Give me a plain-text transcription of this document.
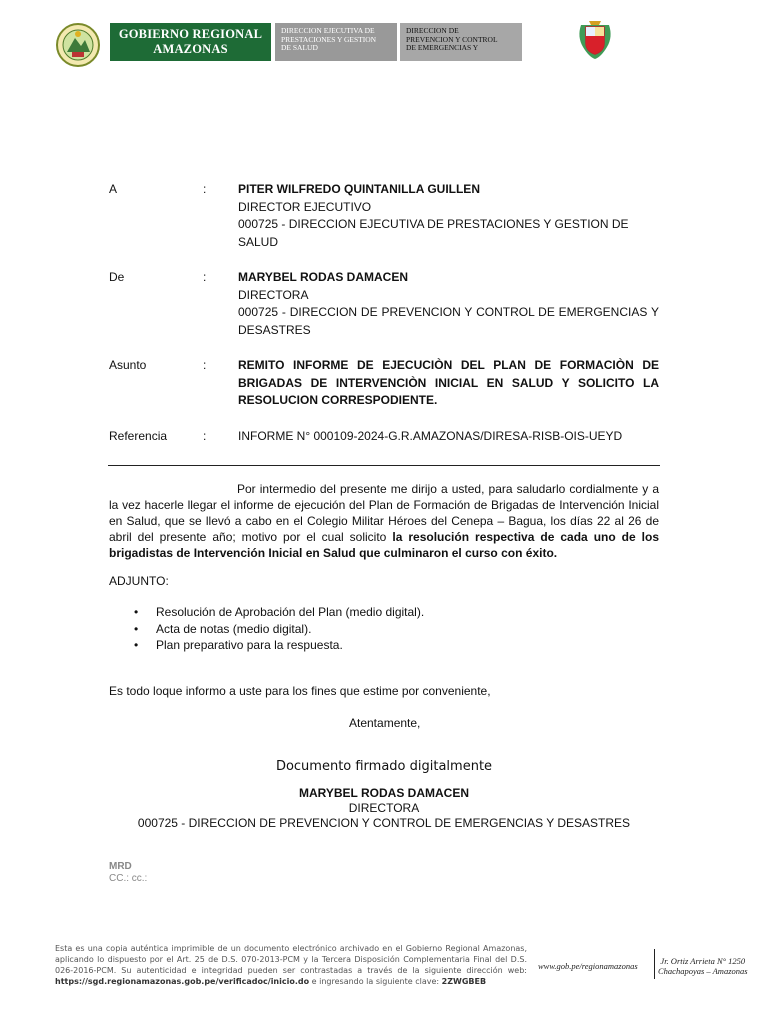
GOBIERNO REGIONAL
AMAZONAS
DIRECCION EJECUTIVA DE
PRESTACIONES Y GESTION
DE SALUD
DIRECCION DE
PREVENCION Y CONTROL
DE EMERGENCIAS Y
A	:	PITER WILFREDO QUINTANILLA GUILLEN
DIRECTOR EJECUTIVO
000725 - DIRECCION EJECUTIVA DE PRESTACIONES Y GESTION DE SALUD
De	:	MARYBEL RODAS DAMACEN
DIRECTORA
000725 - DIRECCION DE PREVENCION Y CONTROL DE EMERGENCIAS Y DESASTRES
Asunto	:	REMITO INFORME DE EJECUCIÒN DEL PLAN DE FORMACIÒN DE BRIGADAS DE INTERVENCIÒN INICIAL EN SALUD Y SOLICITO LA RESOLUCION CORRESPODIENTE.
Referencia	:	INFORME N° 000109-2024-G.R.AMAZONAS/DIRESA-RISB-OIS-UEYD
Por intermedio del presente me dirijo a usted, para saludarlo cordialmente y a la vez hacerle llegar el informe de ejecución del Plan de Formación de Brigadas de Intervención Inicial en Salud, que se llevó a cabo en el Colegio Militar Héroes del Cenepa – Bagua, los días 22 al 26 de abril del presente año; motivo por el cual solicito la resolución respectiva de cada uno de los brigadistas de Intervención Inicial en Salud que culminaron el curso con éxito.
ADJUNTO:
• Resolución de Aprobación del Plan (medio digital).
• Acta de notas (medio digital).
• Plan preparativo para la respuesta.
Es todo loque informo a uste para los fines que estime por conveniente,
Atentamente,
Documento firmado digitalmente
MARYBEL RODAS DAMACEN
DIRECTORA
000725 - DIRECCION DE PREVENCION Y CONTROL DE EMERGENCIAS Y DESASTRES
MRD
CC.: cc.:
Esta es una copia auténtica imprimible de un documento electrónico archivado en el Gobierno Regional Amazonas, aplicando lo dispuesto por el Art. 25 de D.S. 070-2013-PCM y la Tercera Disposición Complementaria Final del D.S. 026-2016-PCM. Su autenticidad e integridad pueden ser contrastadas a través de la siguiente dirección web: https://sgd.regionamazonas.gob.pe/verificadoc/inicio.do e ingresando la siguiente clave: 2ZWGBEB
www.gob.pe/regionamazonas	Jr. Ortiz Arrieta N° 1250
Chachapoyas – Amazonas
